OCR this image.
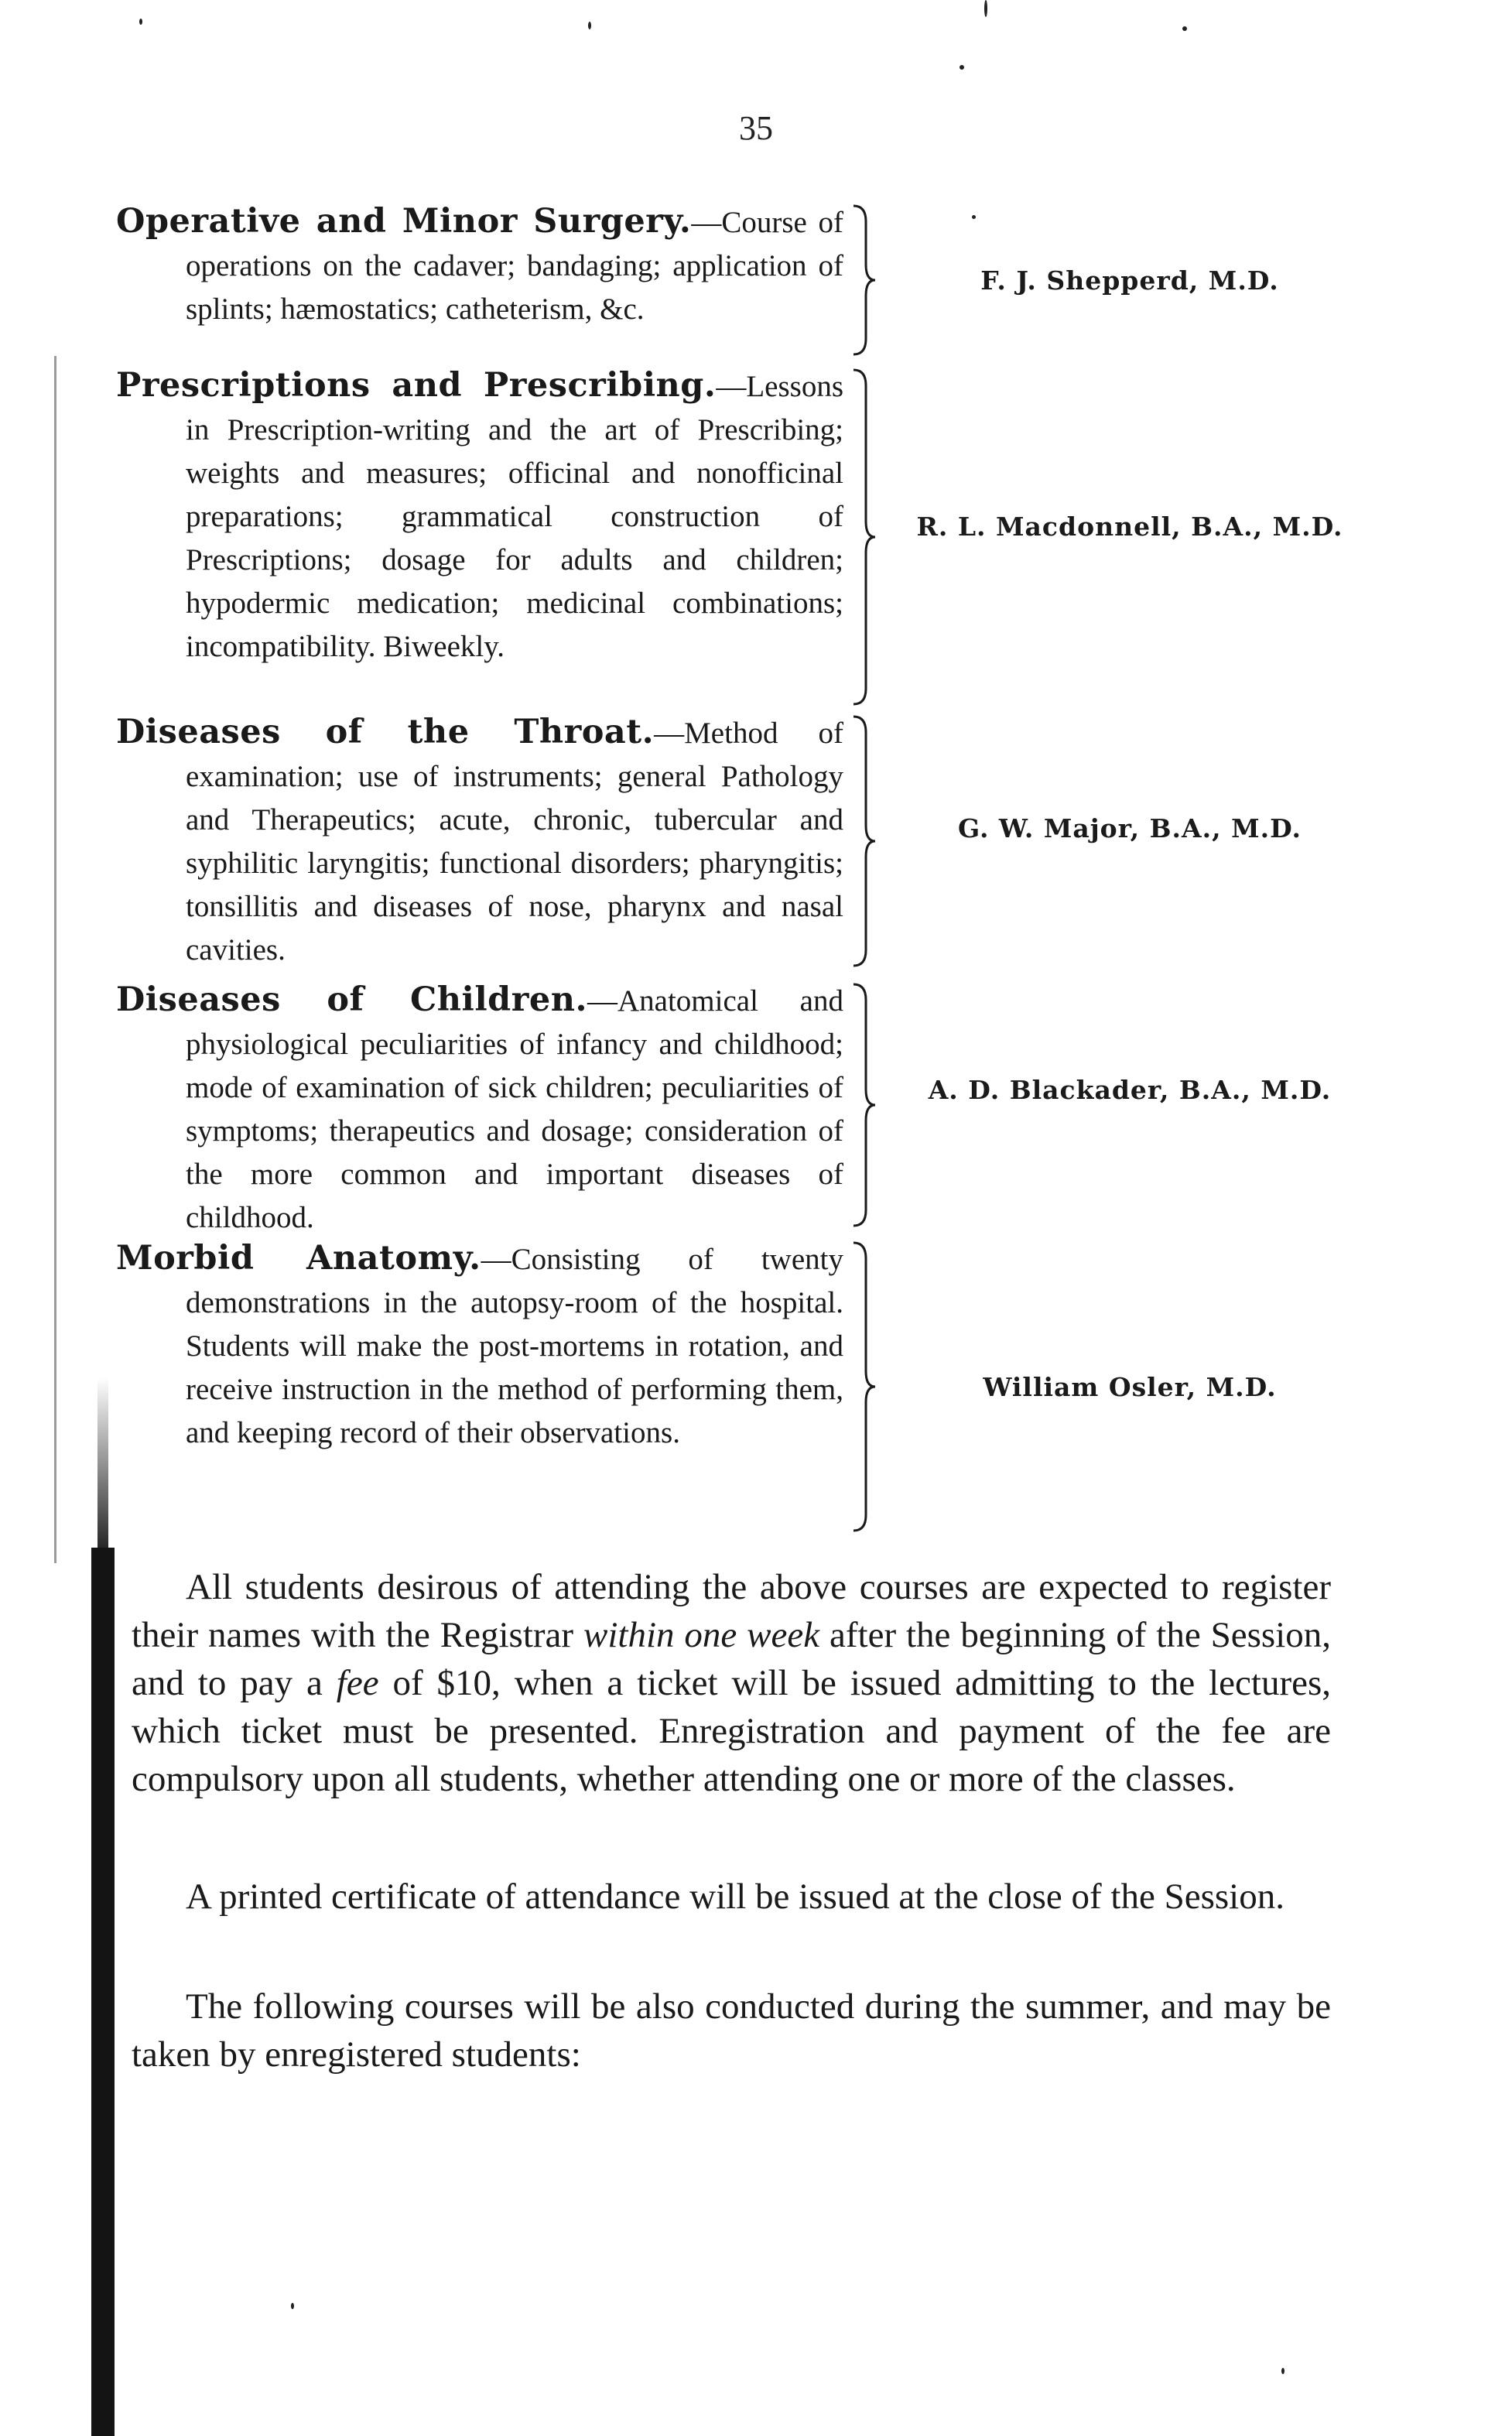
35
Operative and Minor Surgery.—Course of operations on the cadaver; bandaging; application of splints; hæmostatics; catheterism, &c.
F. J. Shepperd, M.D.
Prescriptions and Prescribing.—Lessons in Prescription-writing and the art of Prescribing; weights and measures; officinal and nonofficinal preparations; grammatical construction of Prescriptions; dosage for adults and children; hypodermic medication; medicinal combinations; incompatibility. Biweekly.
R. L. Macdonnell, B.A., M.D.
Diseases of the Throat.—Method of examination; use of instruments; general Pathology and Therapeutics; acute, chronic, tubercular and syphilitic laryngitis; functional disorders; pharyngitis; tonsillitis and diseases of nose, pharynx and nasal cavities.
G. W. Major, B.A., M.D.
Diseases of Children.—Anatomical and physiological peculiarities of infancy and childhood; mode of examination of sick children; peculiarities of symptoms; therapeutics and dosage; consideration of the more common and important diseases of childhood.
A. D. Blackader, B.A., M.D.
Morbid Anatomy.—Consisting of twenty demonstrations in the autopsy-room of the hospital. Students will make the post-mortems in rotation, and receive instruction in the method of performing them, and keeping record of their observations.
William Osler, M.D.
All students desirous of attending the above courses are expected to register their names with the Registrar within one week after the beginning of the Session, and to pay a fee of $10, when a ticket will be issued admitting to the lectures, which ticket must be presented. Enregistration and payment of the fee are compulsory upon all students, whether attending one or more of the classes.
A printed certificate of attendance will be issued at the close of the Session.
The following courses will be also conducted during the summer, and may be taken by enregistered students:
